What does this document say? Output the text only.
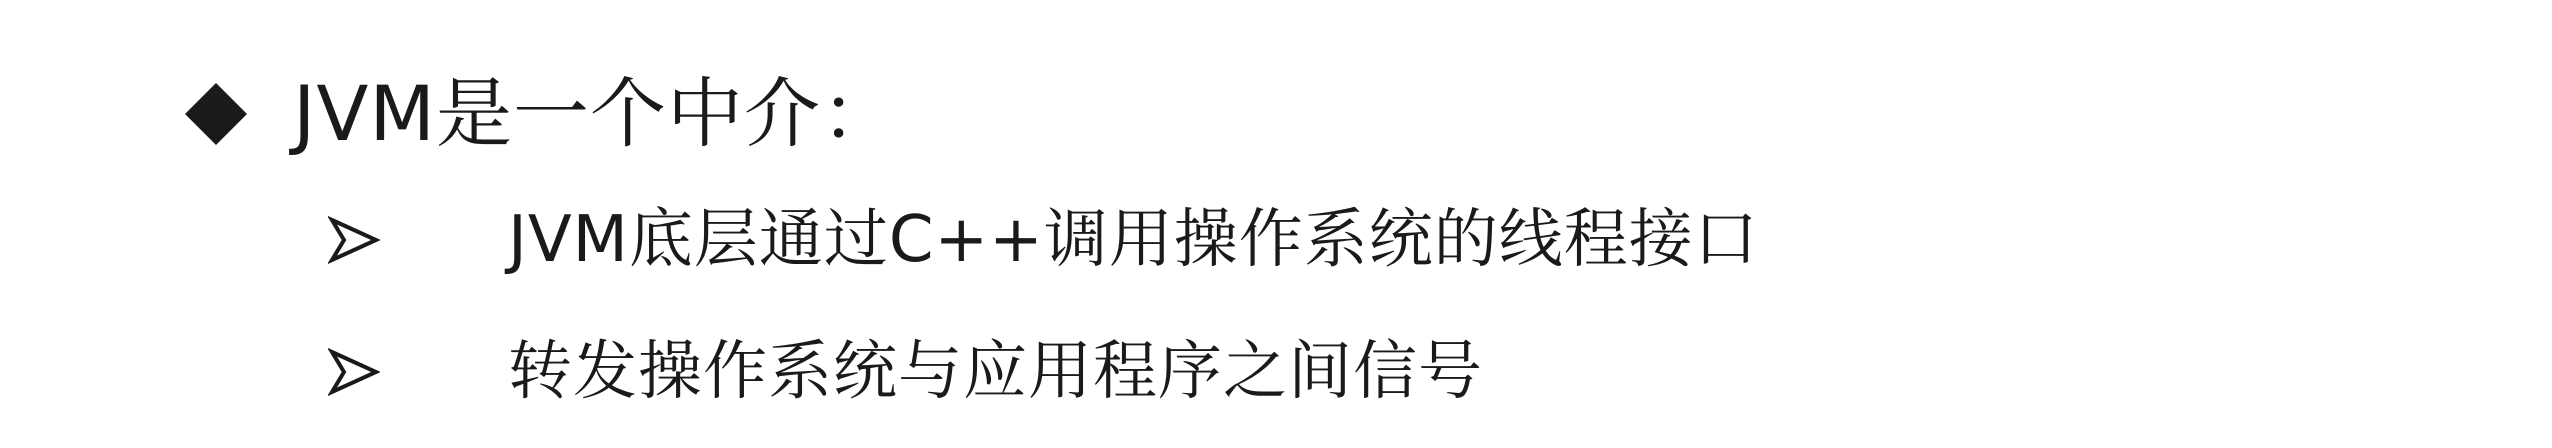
JVM是一个中介：
JVM底层通过C++调用操作系统的线程接口
转发操作系统与应用程序之间信号
